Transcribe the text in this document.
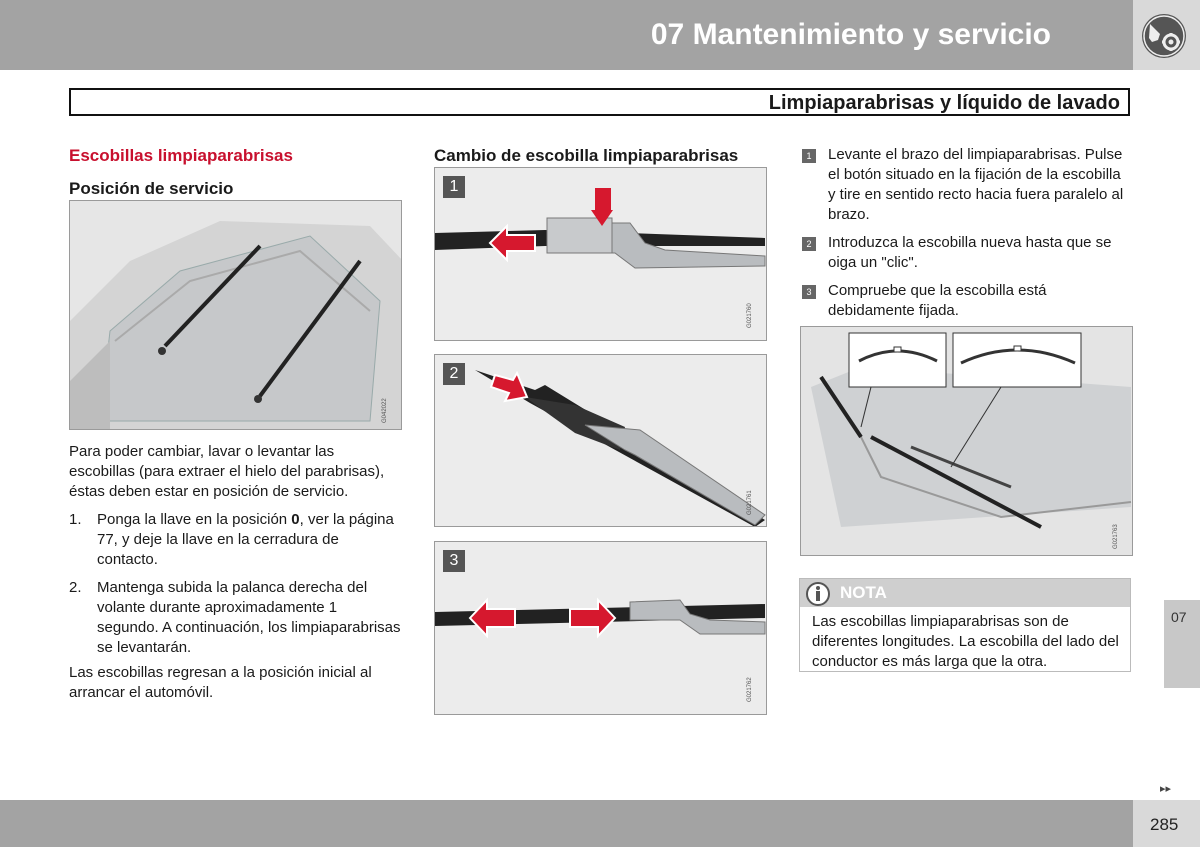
07 Mantenimiento y servicio
Limpiaparabrisas y líquido de lavado
Escobillas limpiaparabrisas
Posición de servicio
G042022
Para poder cambiar, lavar o levantar las escobillas (para extraer el hielo del parabrisas), éstas deben estar en posición de servicio.
1.	Ponga la llave en la posición 0, ver la página 77, y deje la llave en la cerradura de contacto.
2.	Mantenga subida la palanca derecha del volante durante aproximadamente 1 segundo. A continuación, los limpiaparabrisas se levantarán.
Las escobillas regresan a la posición inicial al arrancar el automóvil.
Cambio de escobilla limpiaparabrisas
1
G021760
2
G021761
3
G021762
1	Levante el brazo del limpiaparabrisas. Pulse el botón situado en la fijación de la escobilla y tire en sentido recto hacia fuera paralelo al brazo.
2	Introduzca la escobilla nueva hasta que se oiga un "clic".
3	Compruebe que la escobilla está debidamente fijada.
G021763
NOTA
Las escobillas limpiaparabrisas son de diferentes longitudes. La escobilla del lado del conductor es más larga que la otra.
07
▸▸
285
